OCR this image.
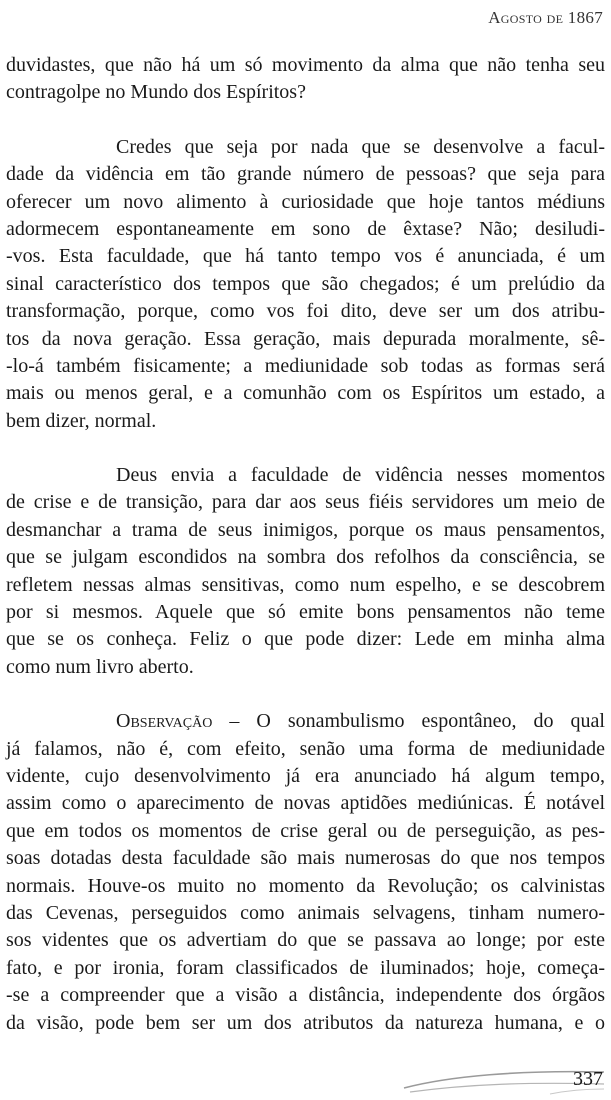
Agosto de 1867
duvidastes, que não há um só movimento da alma que não tenha seu
contragolpe no Mundo dos Espíritos?
Credes que seja por nada que se desenvolve a facul-
dade da vidência em tão grande número de pessoas? que seja para
oferecer um novo alimento à curiosidade que hoje tantos médiuns
adormecem espontaneamente em sono de êxtase? Não; desiludi-
-vos. Esta faculdade, que há tanto tempo vos é anunciada, é um
sinal característico dos tempos que são chegados; é um prelúdio da
transformação, porque, como vos foi dito, deve ser um dos atribu-
tos da nova geração. Essa geração, mais depurada moralmente, sê-
-lo-á também fisicamente; a mediunidade sob todas as formas será
mais ou menos geral, e a comunhão com os Espíritos um estado, a
bem dizer, normal.
Deus envia a faculdade de vidência nesses momentos
de crise e de transição, para dar aos seus fiéis servidores um meio de
desmanchar a trama de seus inimigos, porque os maus pensamentos,
que se julgam escondidos na sombra dos refolhos da consciência, se
refletem nessas almas sensitivas, como num espelho, e se descobrem
por si mesmos. Aquele que só emite bons pensamentos não teme
que se os conheça. Feliz o que pode dizer: Lede em minha alma
como num livro aberto.
Observação – O sonambulismo espontâneo, do qual
já falamos, não é, com efeito, senão uma forma de mediunidade
vidente, cujo desenvolvimento já era anunciado há algum tempo,
assim como o aparecimento de novas aptidões mediúnicas. É notável
que em todos os momentos de crise geral ou de perseguição, as pes-
soas dotadas desta faculdade são mais numerosas do que nos tempos
normais. Houve-os muito no momento da Revolução; os calvinistas
das Cevenas, perseguidos como animais selvagens, tinham numero-
sos videntes que os advertiam do que se passava ao longe; por este
fato, e por ironia, foram classificados de iluminados; hoje, começa-
-se a compreender que a visão a distância, independente dos órgãos
da visão, pode bem ser um dos atributos da natureza humana, e o
337
